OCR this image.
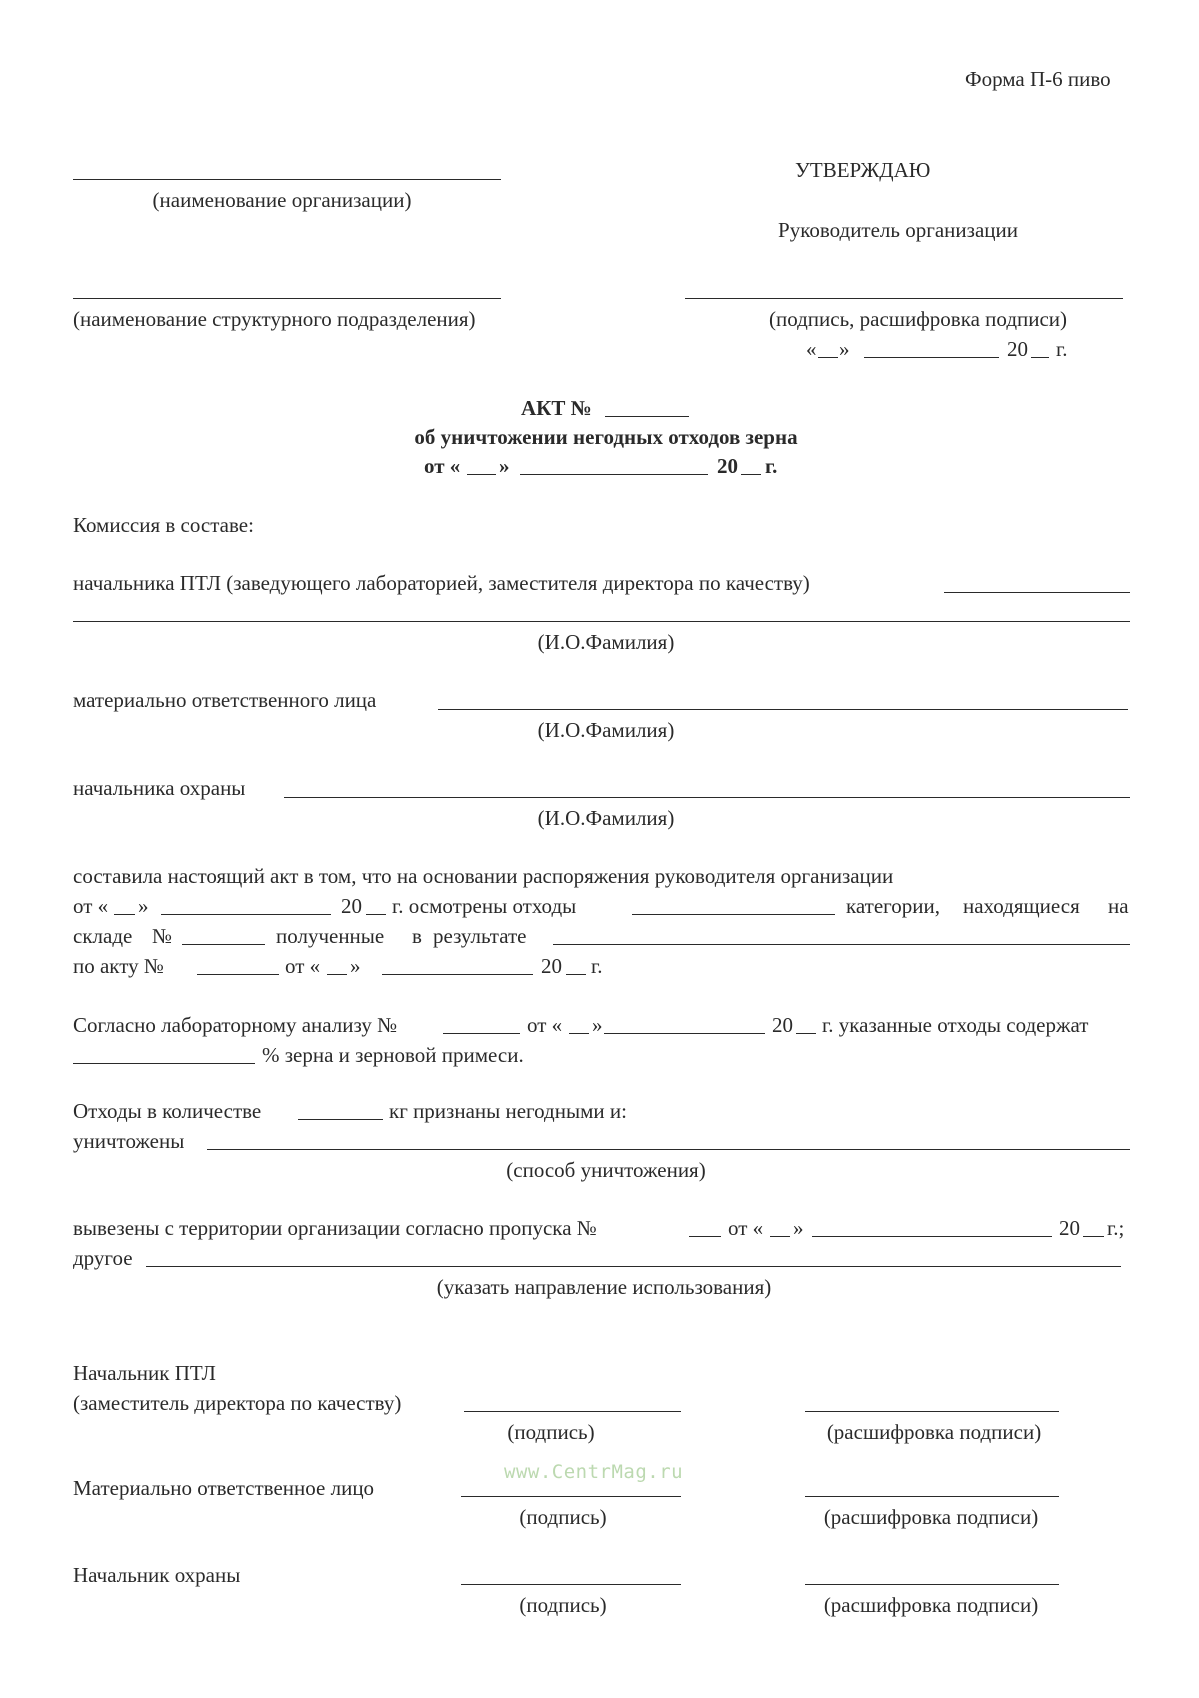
Форма П-6 пиво
(наименование организации)
(наименование структурного подразделения)
УТВЕРЖДАЮ
Руководитель организации
(подпись, расшифровка подписи)
« »	20 г.
АКТ №
об уничтожении негодных отходов зерна
от « »	20 г.
Комиссия в составе:
начальника ПТЛ (заведующего лабораторией, заместителя директора по качеству)
(И.О.Фамилия)
материально ответственного лица
(И.О.Фамилия)
начальника охраны
(И.О.Фамилия)
составила настоящий акт в том, что на основании распоряжения руководителя организации
от « »	20 г. осмотрены отходы	категории, находящиеся на
складе №	полученные в результате
по акту №	от « »	20 г.
Согласно лабораторному анализу №	от « »	20 г. указанные отходы содержат
% зерна и зерновой примеси.
Отходы в количестве	кг признаны негодными и:
уничтожены
(способ уничтожения)
вывезены с территории организации согласно пропуска №	от « »	20 г.;
другое
(указать направление использования)
Начальник ПТЛ
(заместитель директора по качеству)
(подпись)	(расшифровка подписи)
www.CentrMag.ru
Материально ответственное лицо
(подпись)	(расшифровка подписи)
Начальник охраны
(подпись)	(расшифровка подписи)
